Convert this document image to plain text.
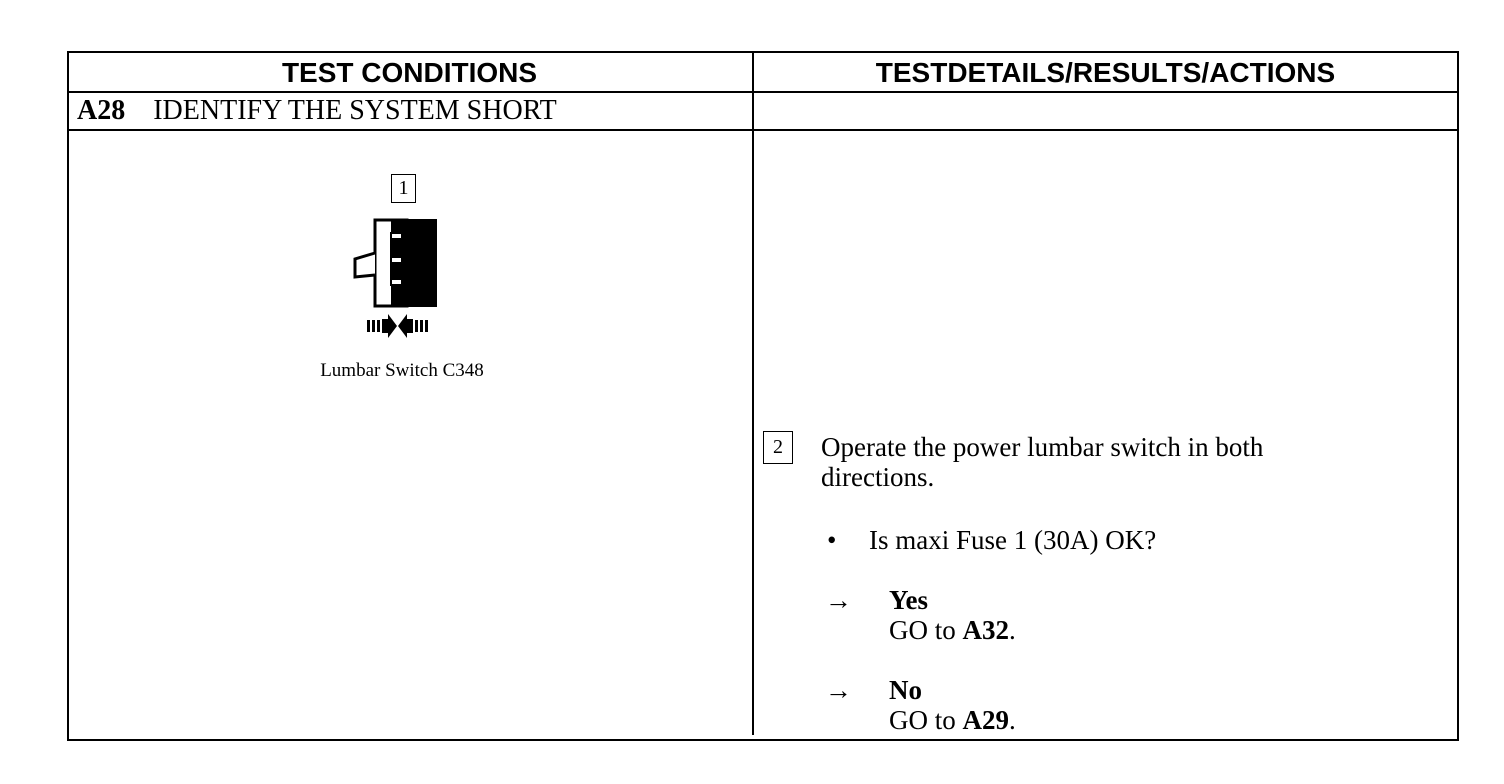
TEST CONDITIONS	TESTDETAILS/RESULTS/ACTIONS
A28 IDENTIFY THE SYSTEM SHORT
1
Lumbar Switch C348
2	Operate the power lumbar switch in both directions.
• Is maxi Fuse 1 (30A) OK?
→	Yes
GO to A32.
→	No
GO to A29.
